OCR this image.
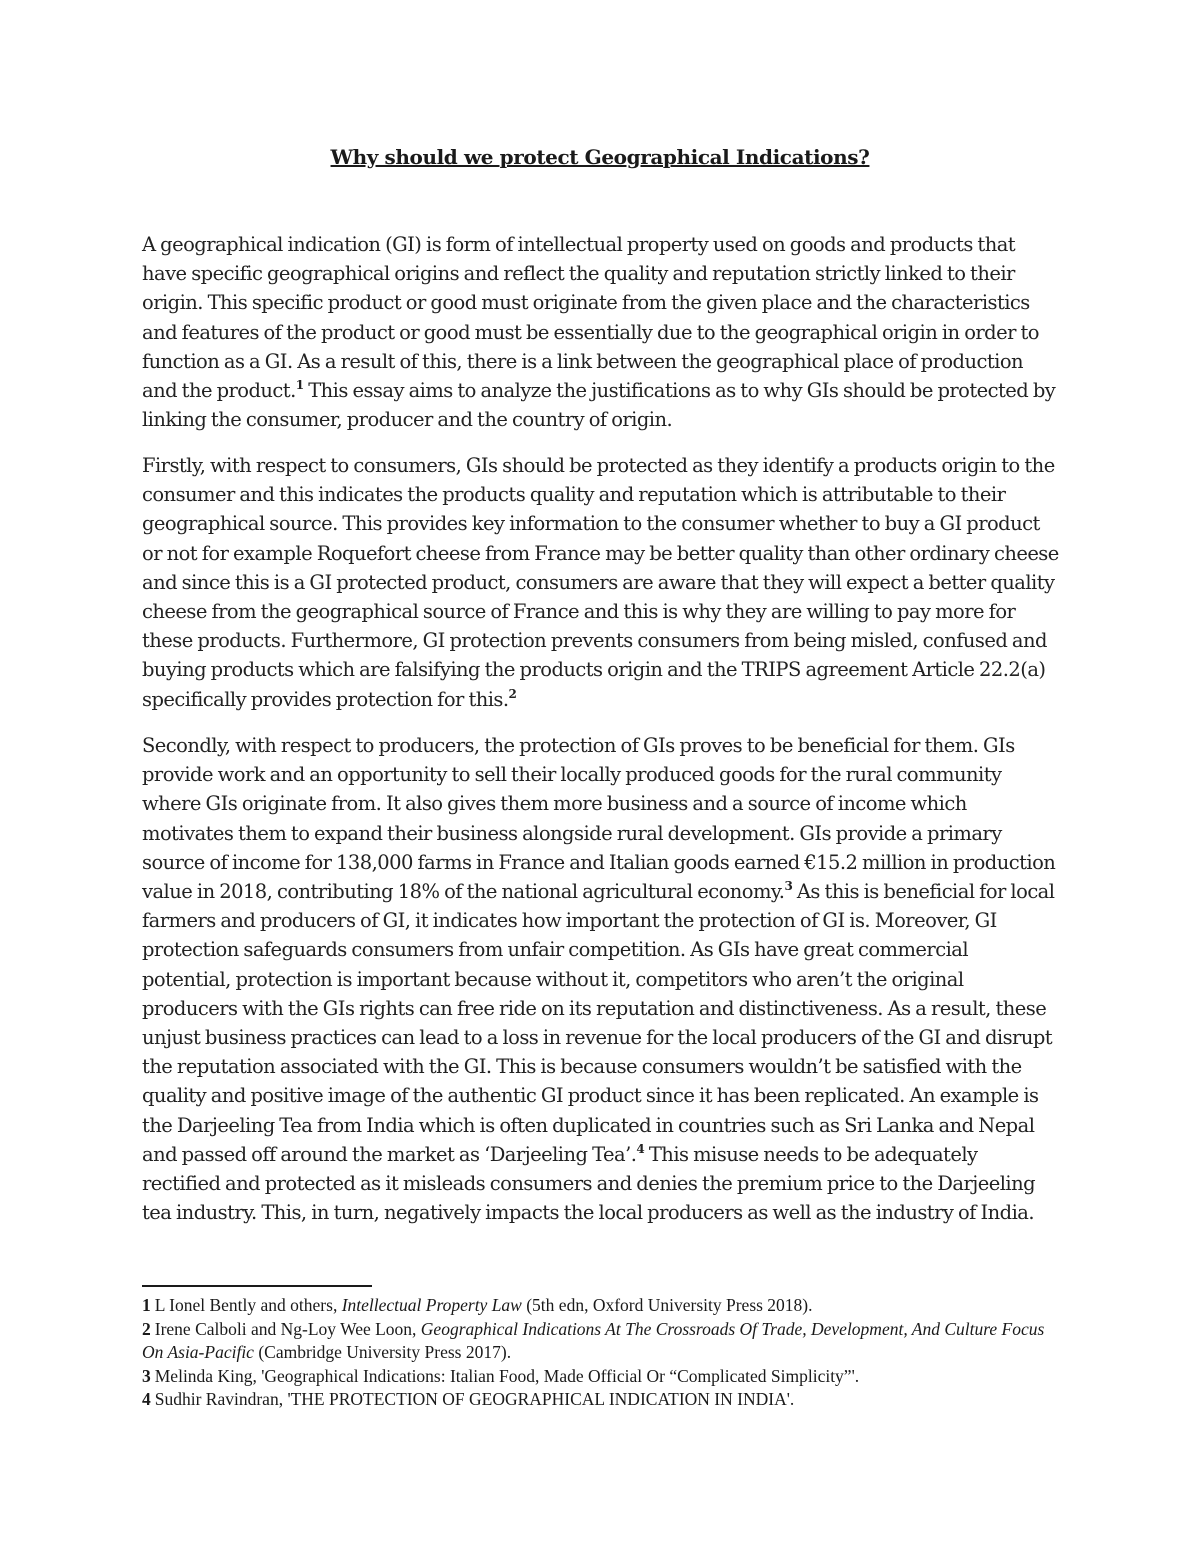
Why should we protect Geographical Indications?

A geographical indication (GI) is form of intellectual property used on goods and products that have specific geographical origins and reflect the quality and reputation strictly linked to their origin. This specific product or good must originate from the given place and the characteristics and features of the product or good must be essentially due to the geographical origin in order to function as a GI. As a result of this, there is a link between the geographical place of production and the product.$^1$ This essay aims to analyze the justifications as to why GIs should be protected by linking the consumer, producer and the country of origin.

Firstly, with respect to consumers, GIs should be protected as they identify a products origin to the consumer and this indicates the products quality and reputation which is attributable to their geographical source. This provides key information to the consumer whether to buy a GI product or not for example Roquefort cheese from France may be better quality than other ordinary cheese and since this is a GI protected product, consumers are aware that they will expect a better quality cheese from the geographical source of France and this is why they are willing to pay more for these products. Furthermore, GI protection prevents consumers from being misled, confused and buying products which are falsifying the products origin and the TRIPS agreement Article 22.2(a) specifically provides protection for this.$^2$

Secondly, with respect to producers, the protection of GIs proves to be beneficial for them. GIs provide work and an opportunity to sell their locally produced goods for the rural community where GIs originate from. It also gives them more business and a source of income which motivates them to expand their business alongside rural development. GIs provide a primary source of income for 138,000 farms in France and Italian goods earned €15.2 million in production value in 2018, contributing 18% of the national agricultural economy.$^3$ As this is beneficial for local farmers and producers of GI, it indicates how important the protection of GI is. Moreover, GI protection safeguards consumers from unfair competition. As GIs have great commercial potential, protection is important because without it, competitors who aren’t the original producers with the GIs rights can free ride on its reputation and distinctiveness. As a result, these unjust business practices can lead to a loss in revenue for the local producers of the GI and disrupt the reputation associated with the GI. This is because consumers wouldn’t be satisfied with the quality and positive image of the authentic GI product since it has been replicated. An example is the Darjeeling Tea from India which is often duplicated in countries such as Sri Lanka and Nepal and passed off around the market as ‘Darjeeling Tea’.$^4$ This misuse needs to be adequately rectified and protected as it misleads consumers and denies the premium price to the Darjeeling tea industry. This, in turn, negatively impacts the local producers as well as the industry of India.

1 L Ionel Bently and others, Intellectual Property Law (5th edn, Oxford University Press 2018).

2 Irene Calboli and Ng-Loy Wee Loon, Geographical Indications At The Crossroads Of Trade, Development, And Culture Focus On Asia-Pacific (Cambridge University Press 2017).

3 Melinda King, 'Geographical Indications: Italian Food, Made Official Or “Complicated Simplicity”'.

4 Sudhir Ravindran, 'THE PROTECTION OF GEOGRAPHICAL INDICATION IN INDIA'.
